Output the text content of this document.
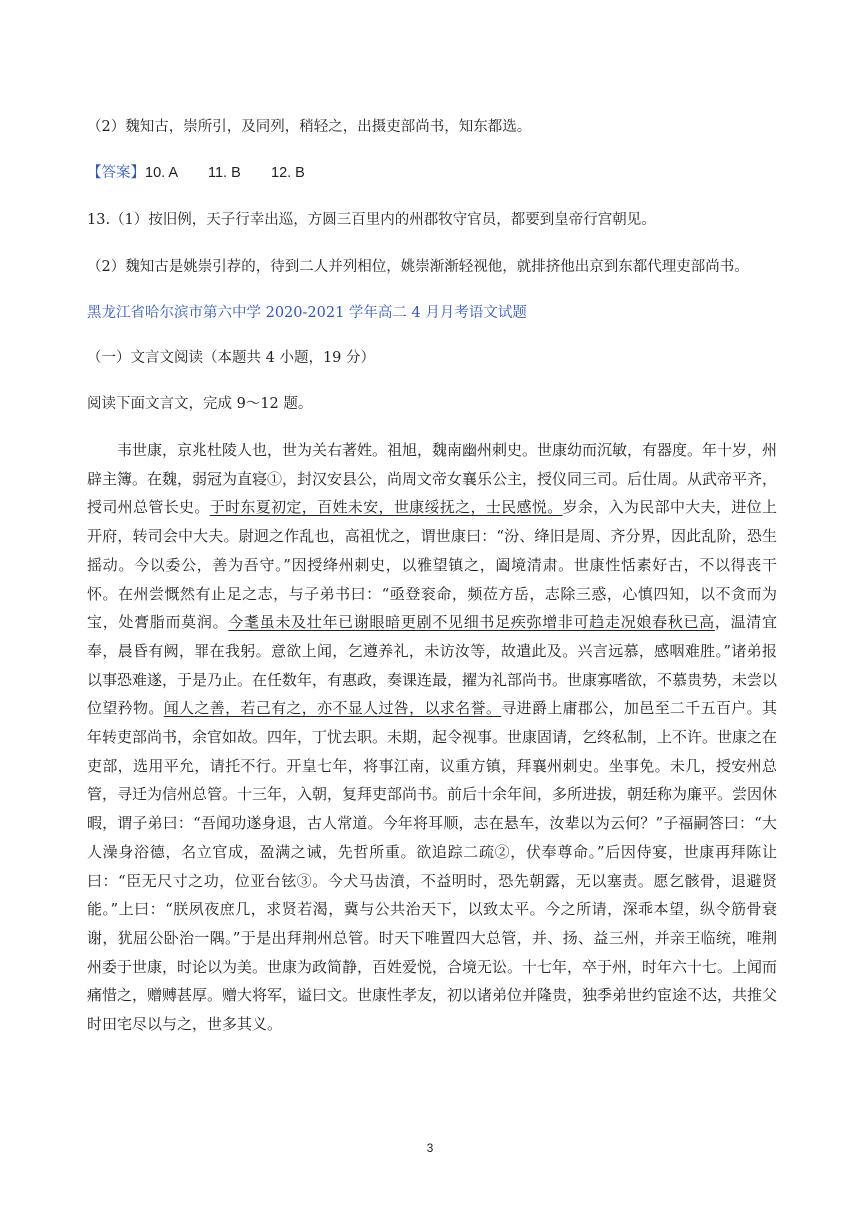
（2）魏知古，崇所引，及同列，稍轻之，出摄吏部尚书，知东都选。
【答案】10. A 11. B 12. B
13.（1）按旧例，天子行幸出巡，方圆三百里内的州郡牧守官员，都要到皇帝行宫朝见。
（2）魏知古是姚崇引荐的，待到二人并列相位，姚崇渐渐轻视他，就排挤他出京到东都代理吏部尚书。
黑龙江省哈尔滨市第六中学 2020-2021 学年高二 4 月月考语文试题
（一）文言文阅读（本题共 4 小题，19 分）
阅读下面文言文，完成 9～12 题。
韦世康，京兆杜陵人也，世为关右著姓。祖旭，魏南幽州刺史。世康幼而沉敏，有器度。年十岁，州辟主簿。在魏，弱冠为直寝①，封汉安县公，尚周文帝女襄乐公主，授仪同三司。后仕周。从武帝平齐，授司州总管长史。于时东夏初定，百姓未安，世康绥抚之，士民感悦。岁余，入为民部中大夫，进位上开府，转司会中大夫。尉迥之作乱也，高祖忧之，谓世康曰：“汾、绛旧是周、齐分界，因此乱阶，恐生摇动。今以委公，善为吾守。”因授绛州刺史，以雅望镇之，阖境清肃。世康性恬素好古，不以得丧干怀。在州尝慨然有止足之志，与子弟书曰：“亟登衮命，频莅方岳，志除三惑，心慎四知，以不贪而为宝，处膏脂而莫润。今耄虽未及壮年已谢眼暗更剧不见细书足疾弥增非可趋走况娘春秋已高，温清宜奉，晨昏有阙，罪在我躬。意欲上闻，乞遵养礼，未访汝等，故遣此及。兴言远慕，感咽难胜。”诸弟报以事恐难遂，于是乃止。在任数年，有惠政，奏课连最，擢为礼部尚书。世康寡嗜欲，不慕贵势，未尝以位望矜物。闻人之善，若己有之，亦不显人过咎，以求名誉。寻进爵上庸郡公，加邑至二千五百户。其年转吏部尚书，余官如故。四年，丁忧去职。未期，起令视事。世康固请，乞终私制，上不许。世康之在吏部，选用平允，请托不行。开皇七年，将事江南，议重方镇，拜襄州刺史。坐事免。未几，授安州总管，寻迁为信州总管。十三年，入朝，复拜吏部尚书。前后十余年间，多所进拔，朝廷称为廉平。尝因休暇，谓子弟曰：“吾闻功遂身退，古人常道。今年将耳顺，志在悬车，汝辈以为云何？”子福嗣答曰：“大人澡身浴德，名立官成，盈满之诫，先哲所重。欲追踪二疏②，伏奉尊命。”后因侍宴，世康再拜陈让曰：“臣无尺寸之功，位亚台铉③。今犬马齿濆，不益明时，恐先朝露，无以塞责。愿乞骸骨，退避贤能。”上曰：“朕夙夜庶几，求贤若渴，冀与公共治天下，以致太平。今之所请，深乖本望，纵令筋骨衰谢，犹屈公卧治一隅。”于是出拜荆州总管。时天下唯置四大总管，并、扬、益三州，并亲王临统，唯荆州委于世康，时论以为美。世康为政简静，百姓爱悦，合境无讼。十七年，卒于州，时年六十七。上闻而痛惜之，赠赙甚厚。赠大将军，谥曰文。世康性孝友，初以诸弟位并隆贵，独季弟世约宦途不达，共推父时田宅尽以与之，世多其义。
3
